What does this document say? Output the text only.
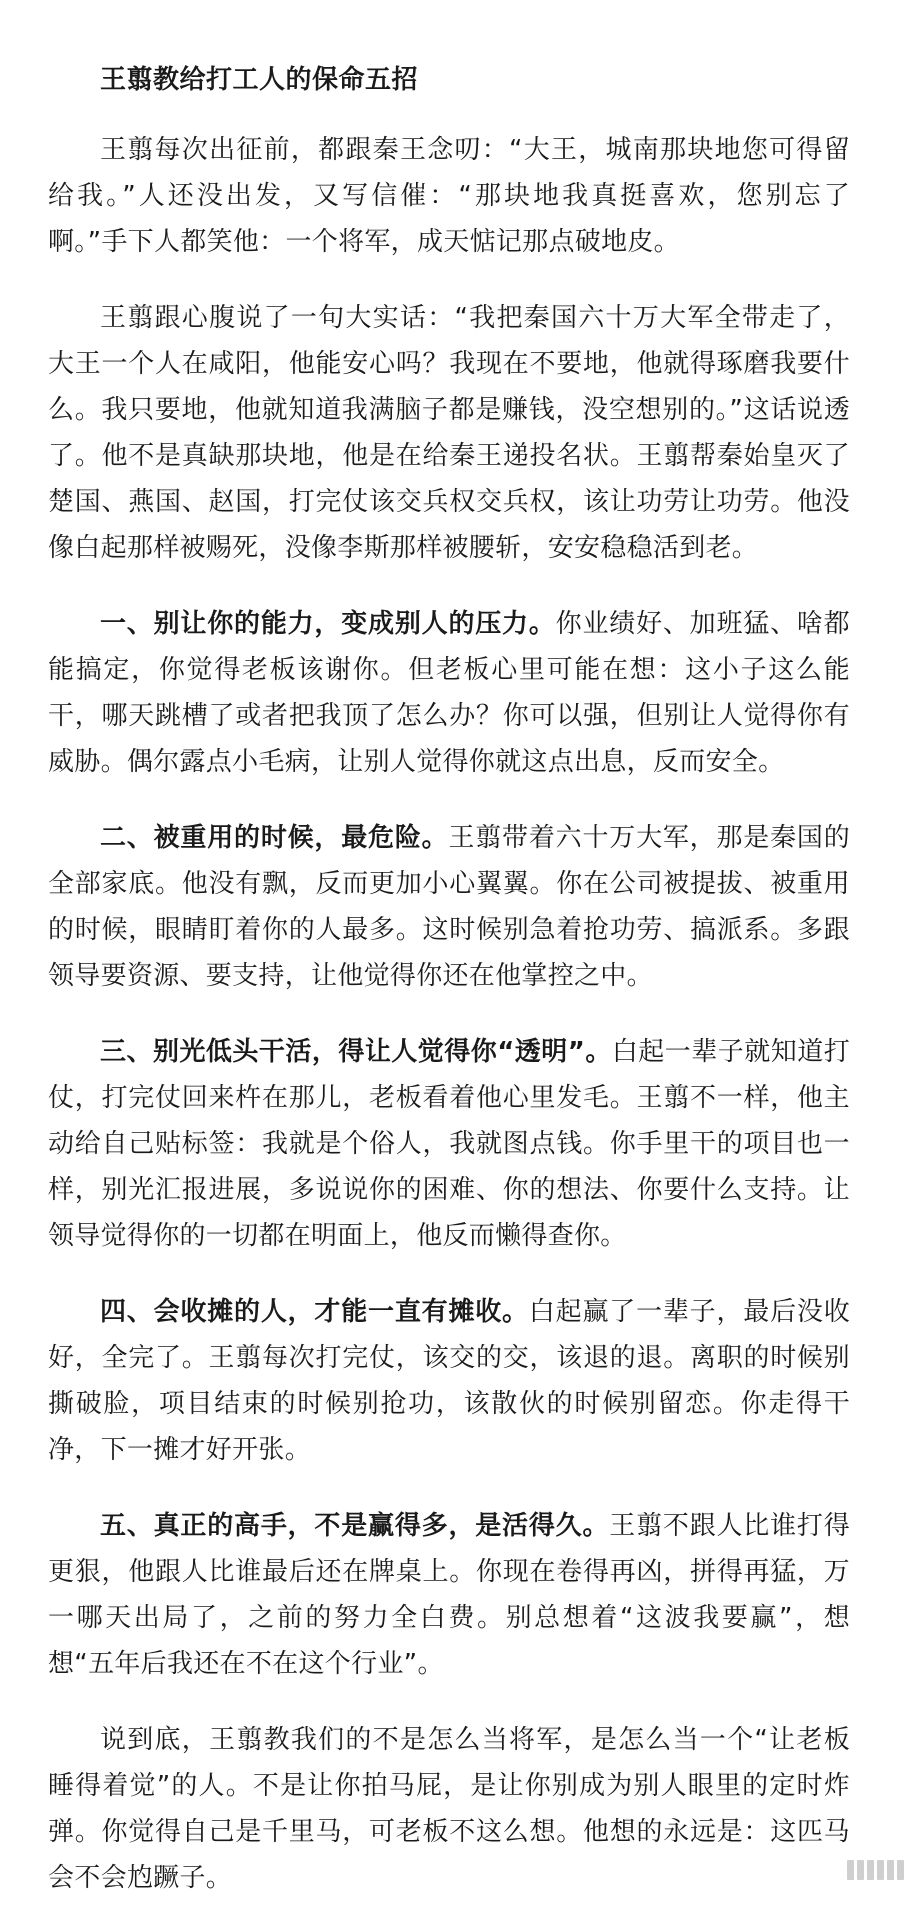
王翦教给打工人的保命五招

王翦每次出征前，都跟秦王念叨：“大王，城南那块地您可得留给我。”人还没出发，又写信催：“那块地我真挺喜欢，您别忘了啊。”手下人都笑他：一个将军，成天惦记那点破地皮。

王翦跟心腹说了一句大实话：“我把秦国六十万大军全带走了，大王一个人在咸阳，他能安心吗？我现在不要地，他就得琢磨我要什么。我只要地，他就知道我满脑子都是赚钱，没空想别的。”这话说透了。他不是真缺那块地，他是在给秦王递投名状。王翦帮秦始皇灭了楚国、燕国、赵国，打完仗该交兵权交兵权，该让功劳让功劳。他没像白起那样被赐死，没像李斯那样被腰斩，安安稳稳活到老。

一、别让你的能力，变成别人的压力。你业绩好、加班猛、啥都能搞定，你觉得老板该谢你。但老板心里可能在想：这小子这么能干，哪天跳槽了或者把我顶了怎么办？你可以强，但别让人觉得你有威胁。偶尔露点小毛病，让别人觉得你就这点出息，反而安全。

二、被重用的时候，最危险。王翦带着六十万大军，那是秦国的全部家底。他没有飘，反而更加小心翼翼。你在公司被提拔、被重用的时候，眼睛盯着你的人最多。这时候别急着抢功劳、搞派系。多跟领导要资源、要支持，让他觉得你还在他掌控之中。

三、别光低头干活，得让人觉得你“透明”。白起一辈子就知道打仗，打完仗回来杵在那儿，老板看着他心里发毛。王翦不一样，他主动给自己贴标签：我就是个俗人，我就图点钱。你手里干的项目也一样，别光汇报进展，多说说你的困难、你的想法、你要什么支持。让领导觉得你的一切都在明面上，他反而懒得查你。

四、会收摊的人，才能一直有摊收。白起赢了一辈子，最后没收好，全完了。王翦每次打完仗，该交的交，该退的退。离职的时候别撕破脸，项目结束的时候别抢功，该散伙的时候别留恋。你走得干净，下一摊才好开张。

五、真正的高手，不是赢得多，是活得久。王翦不跟人比谁打得更狠，他跟人比谁最后还在牌桌上。你现在卷得再凶，拼得再猛，万一哪天出局了，之前的努力全白费。别总想着“这波我要赢”，想想“五年后我还在不在这个行业”。

说到底，王翦教我们的不是怎么当将军，是怎么当一个“让老板睡得着觉”的人。不是让你拍马屁，是让你别成为别人眼里的定时炸弹。你觉得自己是千里马，可老板不这么想。他想的永远是：这匹马会不会尥蹶子。
